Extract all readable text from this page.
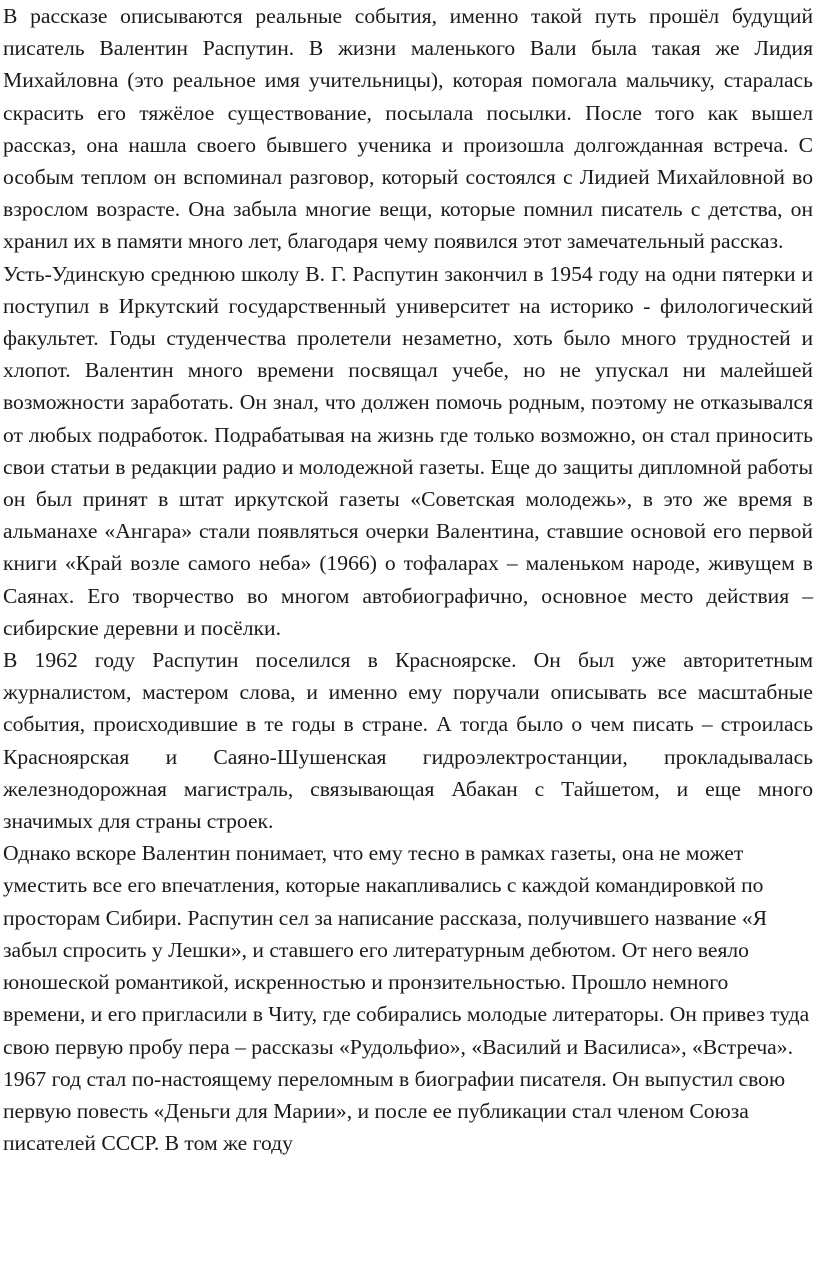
В рассказе описываются реальные события, именно такой путь прошёл будущий писатель Валентин Распутин. В жизни маленького Вали была такая же Лидия Михайловна (это реальное имя учительницы), которая помогала мальчику, старалась скрасить его тяжёлое существование, посылала посылки. После того как вышел рассказ, она нашла своего бывшего ученика и произошла долгожданная встреча. С особым теплом он вспоминал разговор, который состоялся с Лидией Михайловной во взрослом возрасте. Она забыла многие вещи, которые помнил писатель с детства, он хранил их в памяти много лет, благодаря чему появился этот замечательный рассказ.

Усть-Удинскую среднюю школу В. Г. Распутин закончил в 1954 году на одни пятерки и поступил в Иркутский государственный университет на историко - филологический факультет. Годы студенчества пролетели незаметно, хоть было много трудностей и хлопот. Валентин много времени посвящал учебе, но не упускал ни малейшей возможности заработать. Он знал, что должен помочь родным, поэтому не отказывался от любых подработок. Подрабатывая на жизнь где только возможно, он стал приносить свои статьи в редакции радио и молодежной газеты. Еще до защиты дипломной работы он был принят в штат иркутской газеты «Советская молодежь», в это же время в альманахе «Ангара» стали появляться очерки Валентина, ставшие основой его первой книги «Край возле самого неба» (1966) о тофаларах – маленьком народе, живущем в Саянах. Его творчество во многом автобиографично, основное место действия – сибирские деревни и посёлки.

В 1962 году Распутин поселился в Красноярске. Он был уже авторитетным журналистом, мастером слова, и именно ему поручали описывать все масштабные события, происходившие в те годы в стране. А тогда было о чем писать – строилась Красноярская и Саяно-Шушенская гидроэлектростанции, прокладывалась железнодорожная магистраль, связывающая Абакан с Тайшетом, и еще много значимых для страны строек.

Однако вскоре Валентин понимает, что ему тесно в рамках газеты, она не может уместить все его впечатления, которые накапливались с каждой командировкой по просторам Сибири. Распутин сел за написание рассказа, получившего название «Я забыл спросить у Лешки», и ставшего его литературным дебютом. От него веяло юношеской романтикой, искренностью и пронзительностью. Прошло немного времени, и его пригласили в Читу, где собирались молодые литераторы. Он привез туда свою первую пробу пера – рассказы «Рудольфио», «Василий и Василиса», «Встреча». 1967 год стал по-настоящему переломным в биографии писателя. Он выпустил свою первую повесть «Деньги для Марии», и после ее публикации стал членом Союза писателей СССР. В том же году
